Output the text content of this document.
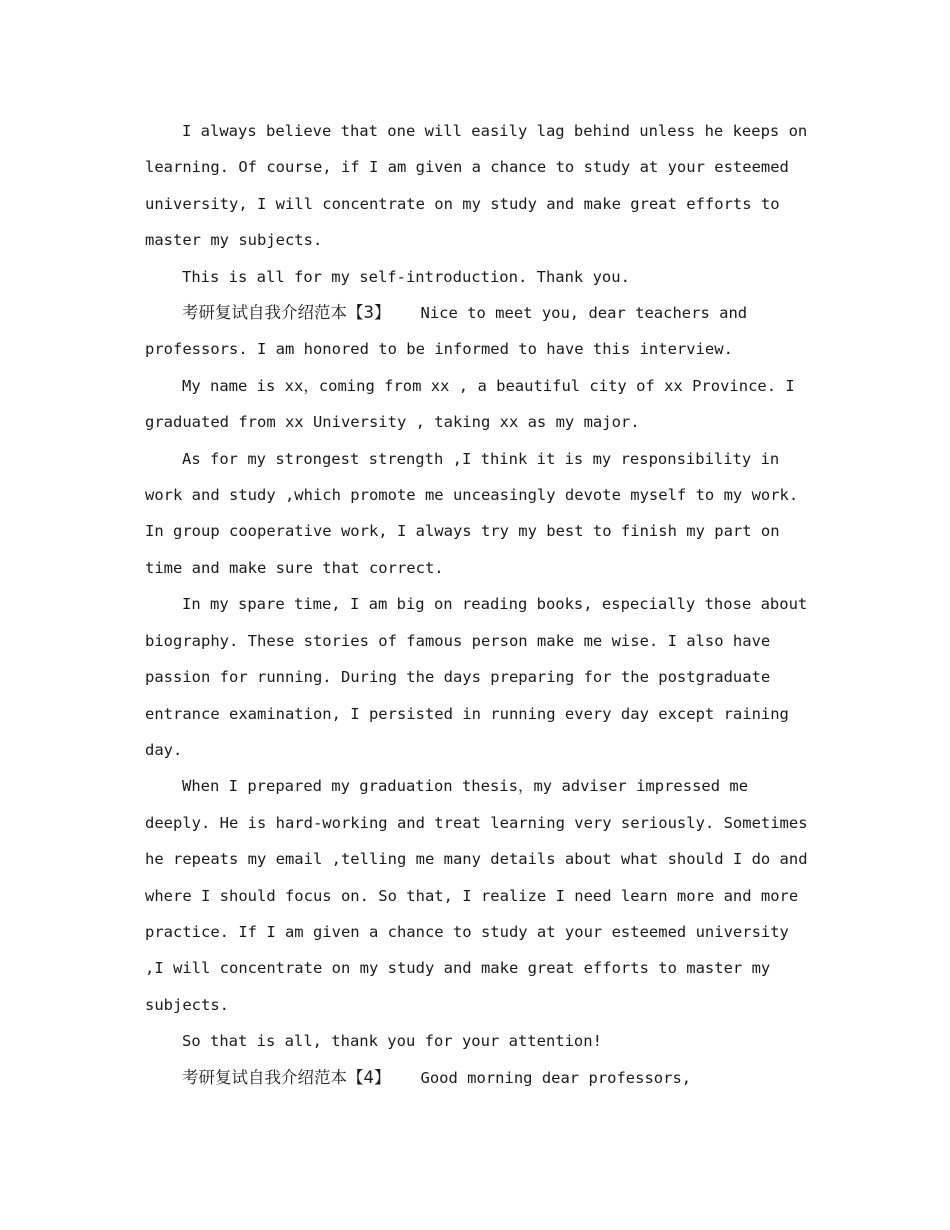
I always believe that one will easily lag behind unless he keeps on learning. Of course, if I am given a chance to study at your esteemed university, I will concentrate on my study and make great efforts to master my subjects.

This is all for my self-introduction. Thank you.

考研复试自我介绍范本【3】 Nice to meet you, dear teachers and professors. I am honored to be informed to have this interview.

My name is xx，coming from xx , a beautiful city of xx Province. I graduated from xx University , taking xx as my major.

As for my strongest strength ,I think it is my responsibility in work and study ,which promote me unceasingly devote myself to my work. In group cooperative work, I always try my best to finish my part on time and make sure that correct.

In my spare time, I am big on reading books, especially those about biography. These stories of famous person make me wise. I also have passion for running. During the days preparing for the postgraduate entrance examination, I persisted in running every day except raining day.

When I prepared my graduation thesis，my adviser impressed me deeply. He is hard-working and treat learning very seriously. Sometimes he repeats my email ,telling me many details about what should I do and where I should focus on. So that, I realize I need learn more and more practice. If I am given a chance to study at your esteemed university ,I will concentrate on my study and make great efforts to master my subjects.

So that is all, thank you for your attention!

考研复试自我介绍范本【4】 Good morning dear professors,
